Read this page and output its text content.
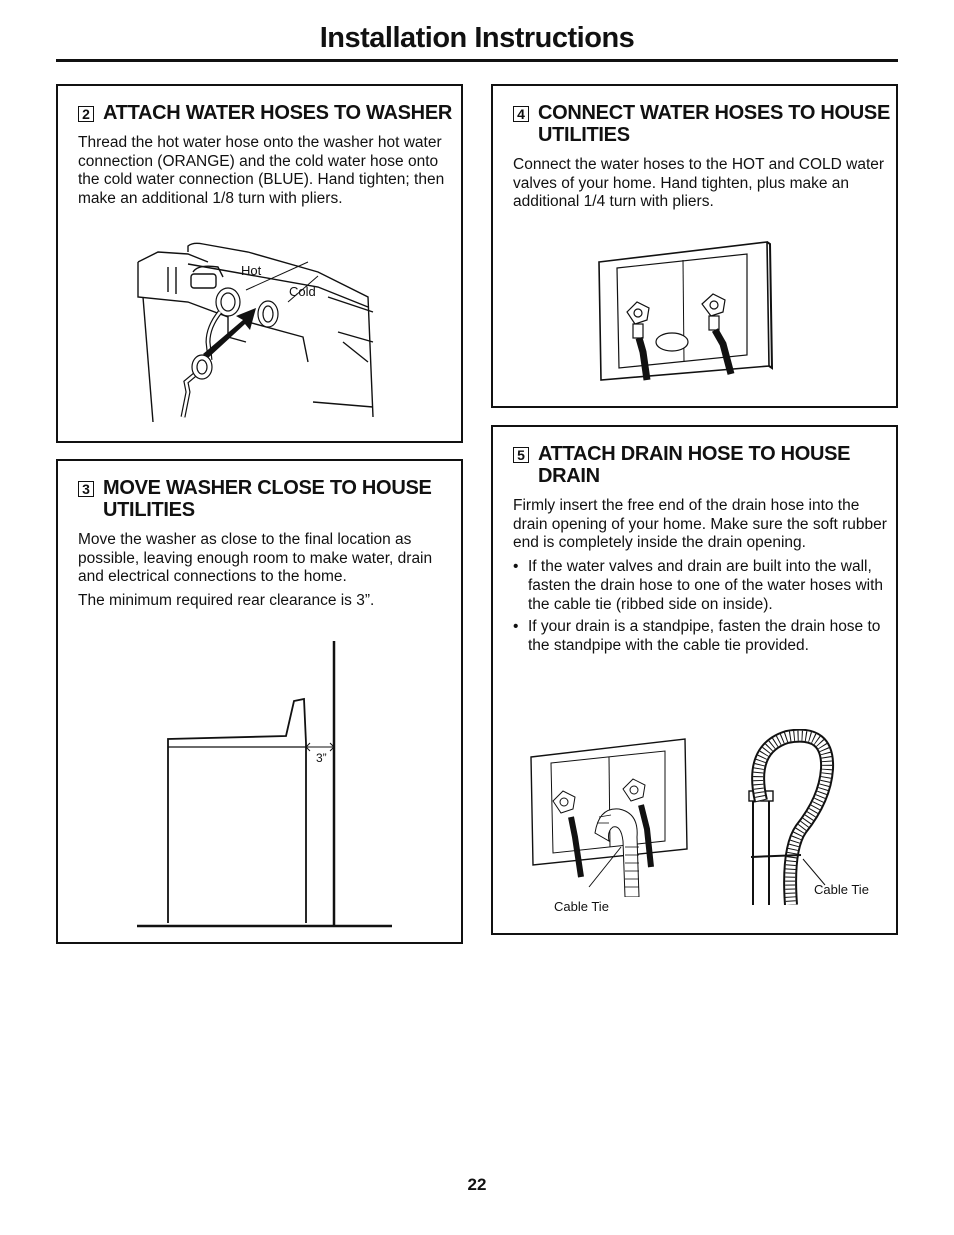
Installation Instructions
2 ATTACH WATER HOSES TO WASHER

Thread the hot water hose onto the washer hot water connection (ORANGE) and the cold water hose onto the cold water connection (BLUE). Hand tighten; then make an additional 1/8 turn with pliers.

Hot
Cold
3 MOVE WASHER CLOSE TO HOUSE UTILITIES

Move the washer as close to the final location as possible, leaving enough room to make water, drain and electrical connections to the home.

The minimum required rear clearance is 3”.

3”
4 CONNECT WATER HOSES TO HOUSE UTILITIES

Connect the water hoses to the HOT and COLD water valves of your home. Hand tighten, plus make an additional 1/4 turn with pliers.

5 ATTACH DRAIN HOSE TO HOUSE DRAIN

Firmly insert the free end of the drain hose into the drain opening of your home. Make sure the soft rubber end is completely inside the drain opening.

• If the water valves and drain are built into the wall, fasten the drain hose to one of the water hoses with the cable tie (ribbed side on inside).
• If your drain is a standpipe, fasten the drain hose to the standpipe with the cable tie provided.
Cable Tie
Cable Tie
22
